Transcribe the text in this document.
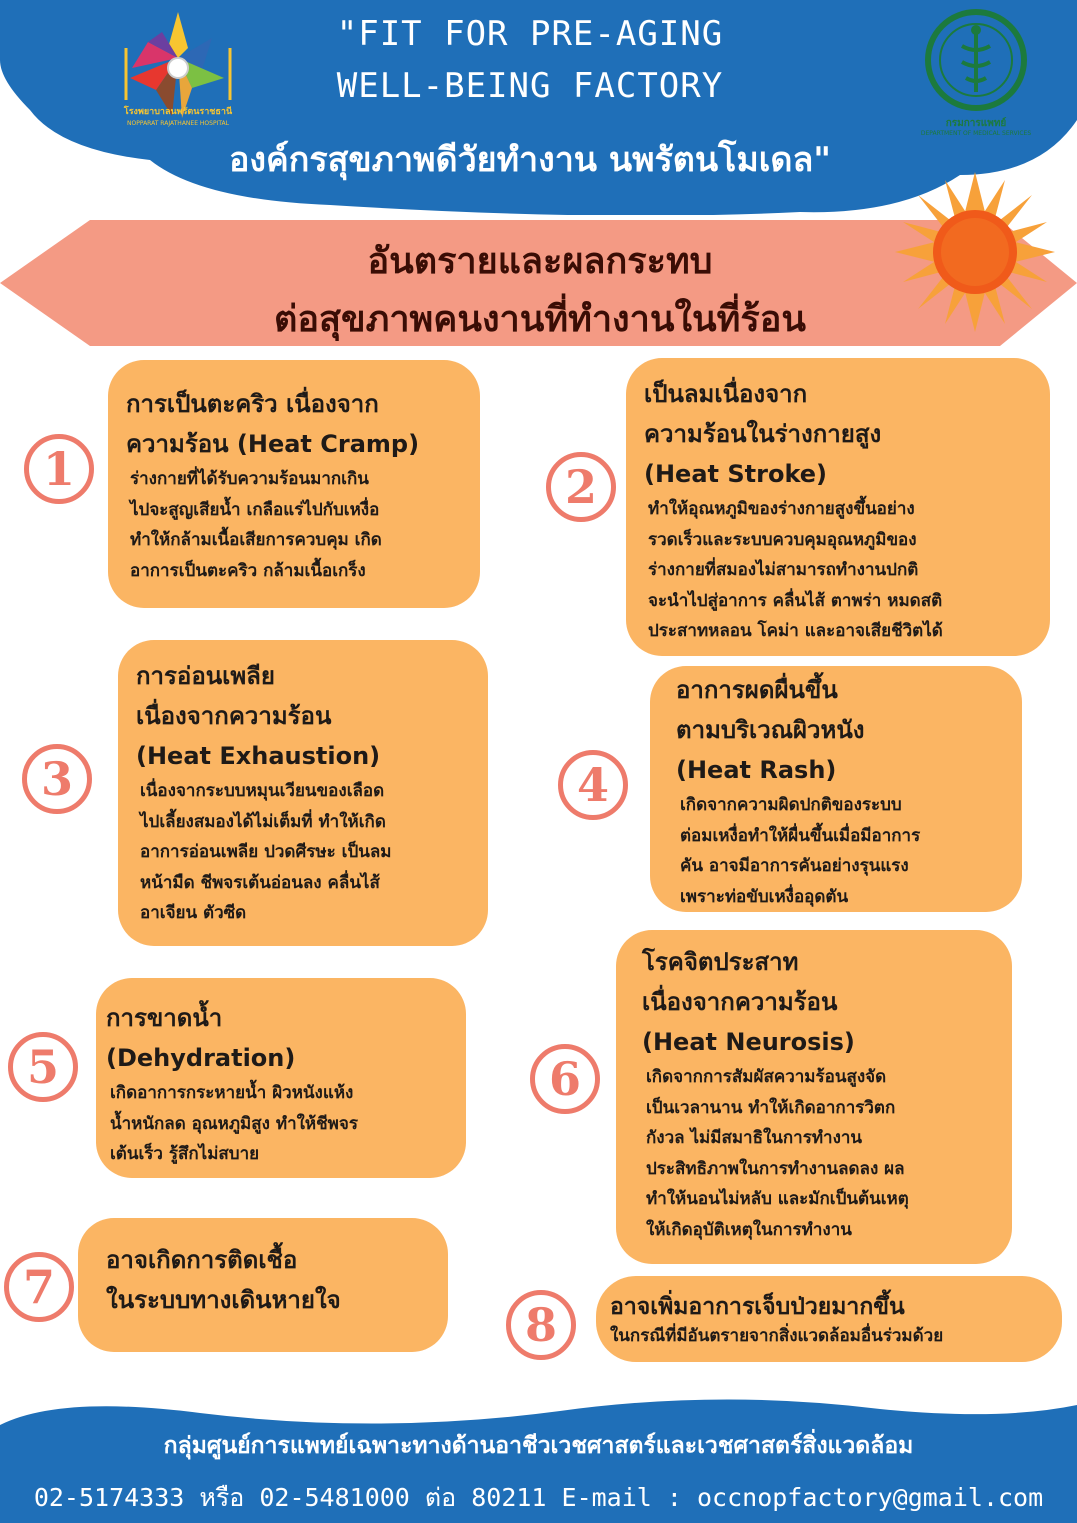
"FIT FOR PRE-AGING
WELL-BEING FACTORY
องค์กรสุขภาพดีวัยทำงาน นพรัตนโมเดล"
โรงพยาบาลนพรัตนราชธานี
NOPPARAT RAJATHANEE HOSPITAL	กรมการแพทย์
DEPARTMENT OF MEDICAL SERVICES
อันตรายและผลกระทบ
ต่อสุขภาพคนงานที่ทำงานในที่ร้อน
การเป็นตะคริว เนื่องจาก
ความร้อน (Heat Cramp)
ร่างกายที่ได้รับความร้อนมากเกิน
ไปจะสูญเสียน้ำ เกลือแร่ไปกับเหงื่อ
ทำให้กล้ามเนื้อเสียการควบคุม เกิด
อาการเป็นตะคริว กล้ามเนื้อเกร็ง
1
เป็นลมเนื่องจาก
ความร้อนในร่างกายสูง
(Heat Stroke)
ทำให้อุณหภูมิของร่างกายสูงขึ้นอย่าง
รวดเร็วและระบบควบคุมอุณหภูมิของ
ร่างกายที่สมองไม่สามารถทำงานปกติ
จะนำไปสู่อาการ คลื่นไส้ ตาพร่า หมดสติ
ประสาทหลอน โคม่า และอาจเสียชีวิตได้
2
การอ่อนเพลีย
เนื่องจากความร้อน
(Heat Exhaustion)
เนื่องจากระบบหมุนเวียนของเลือด
ไปเลี้ยงสมองได้ไม่เต็มที่ ทำให้เกิด
อาการอ่อนเพลีย ปวดศีรษะ เป็นลม
หน้ามืด ชีพจรเต้นอ่อนลง คลื่นไส้
อาเจียน ตัวซีด
3
อาการผดผื่นขึ้น
ตามบริเวณผิวหนัง
(Heat Rash)
เกิดจากความผิดปกติของระบบ
ต่อมเหงื่อทำให้ผื่นขึ้นเมื่อมีอาการ
คัน อาจมีอาการคันอย่างรุนแรง
เพราะท่อขับเหงื่ออุดตัน
4
การขาดน้ำ
(Dehydration)
เกิดอาการกระหายน้ำ ผิวหนังแห้ง
น้ำหนักลด อุณหภูมิสูง ทำให้ชีพจร
เต้นเร็ว รู้สึกไม่สบาย
5
โรคจิตประสาท
เนื่องจากความร้อน
(Heat Neurosis)
เกิดจากการสัมผัสความร้อนสูงจัด
เป็นเวลานาน ทำให้เกิดอาการวิตก
กังวล ไม่มีสมาธิในการทำงาน
ประสิทธิภาพในการทำงานลดลง ผล
ทำให้นอนไม่หลับ และมักเป็นต้นเหตุ
ให้เกิดอุบัติเหตุในการทำงาน
6
อาจเกิดการติดเชื้อ
ในระบบทางเดินหายใจ
7	อาจเพิ่มอาการเจ็บป่วยมากขึ้น
ในกรณีที่มีอันตรายจากสิ่งแวดล้อมอื่นร่วมด้วย
8
กลุ่มศูนย์การแพทย์เฉพาะทางด้านอาชีวเวชศาสตร์และเวชศาสตร์สิ่งแวดล้อม
02-5174333 หรือ 02-5481000 ต่อ 80211 E-mail : occnopfactory@gmail.com
